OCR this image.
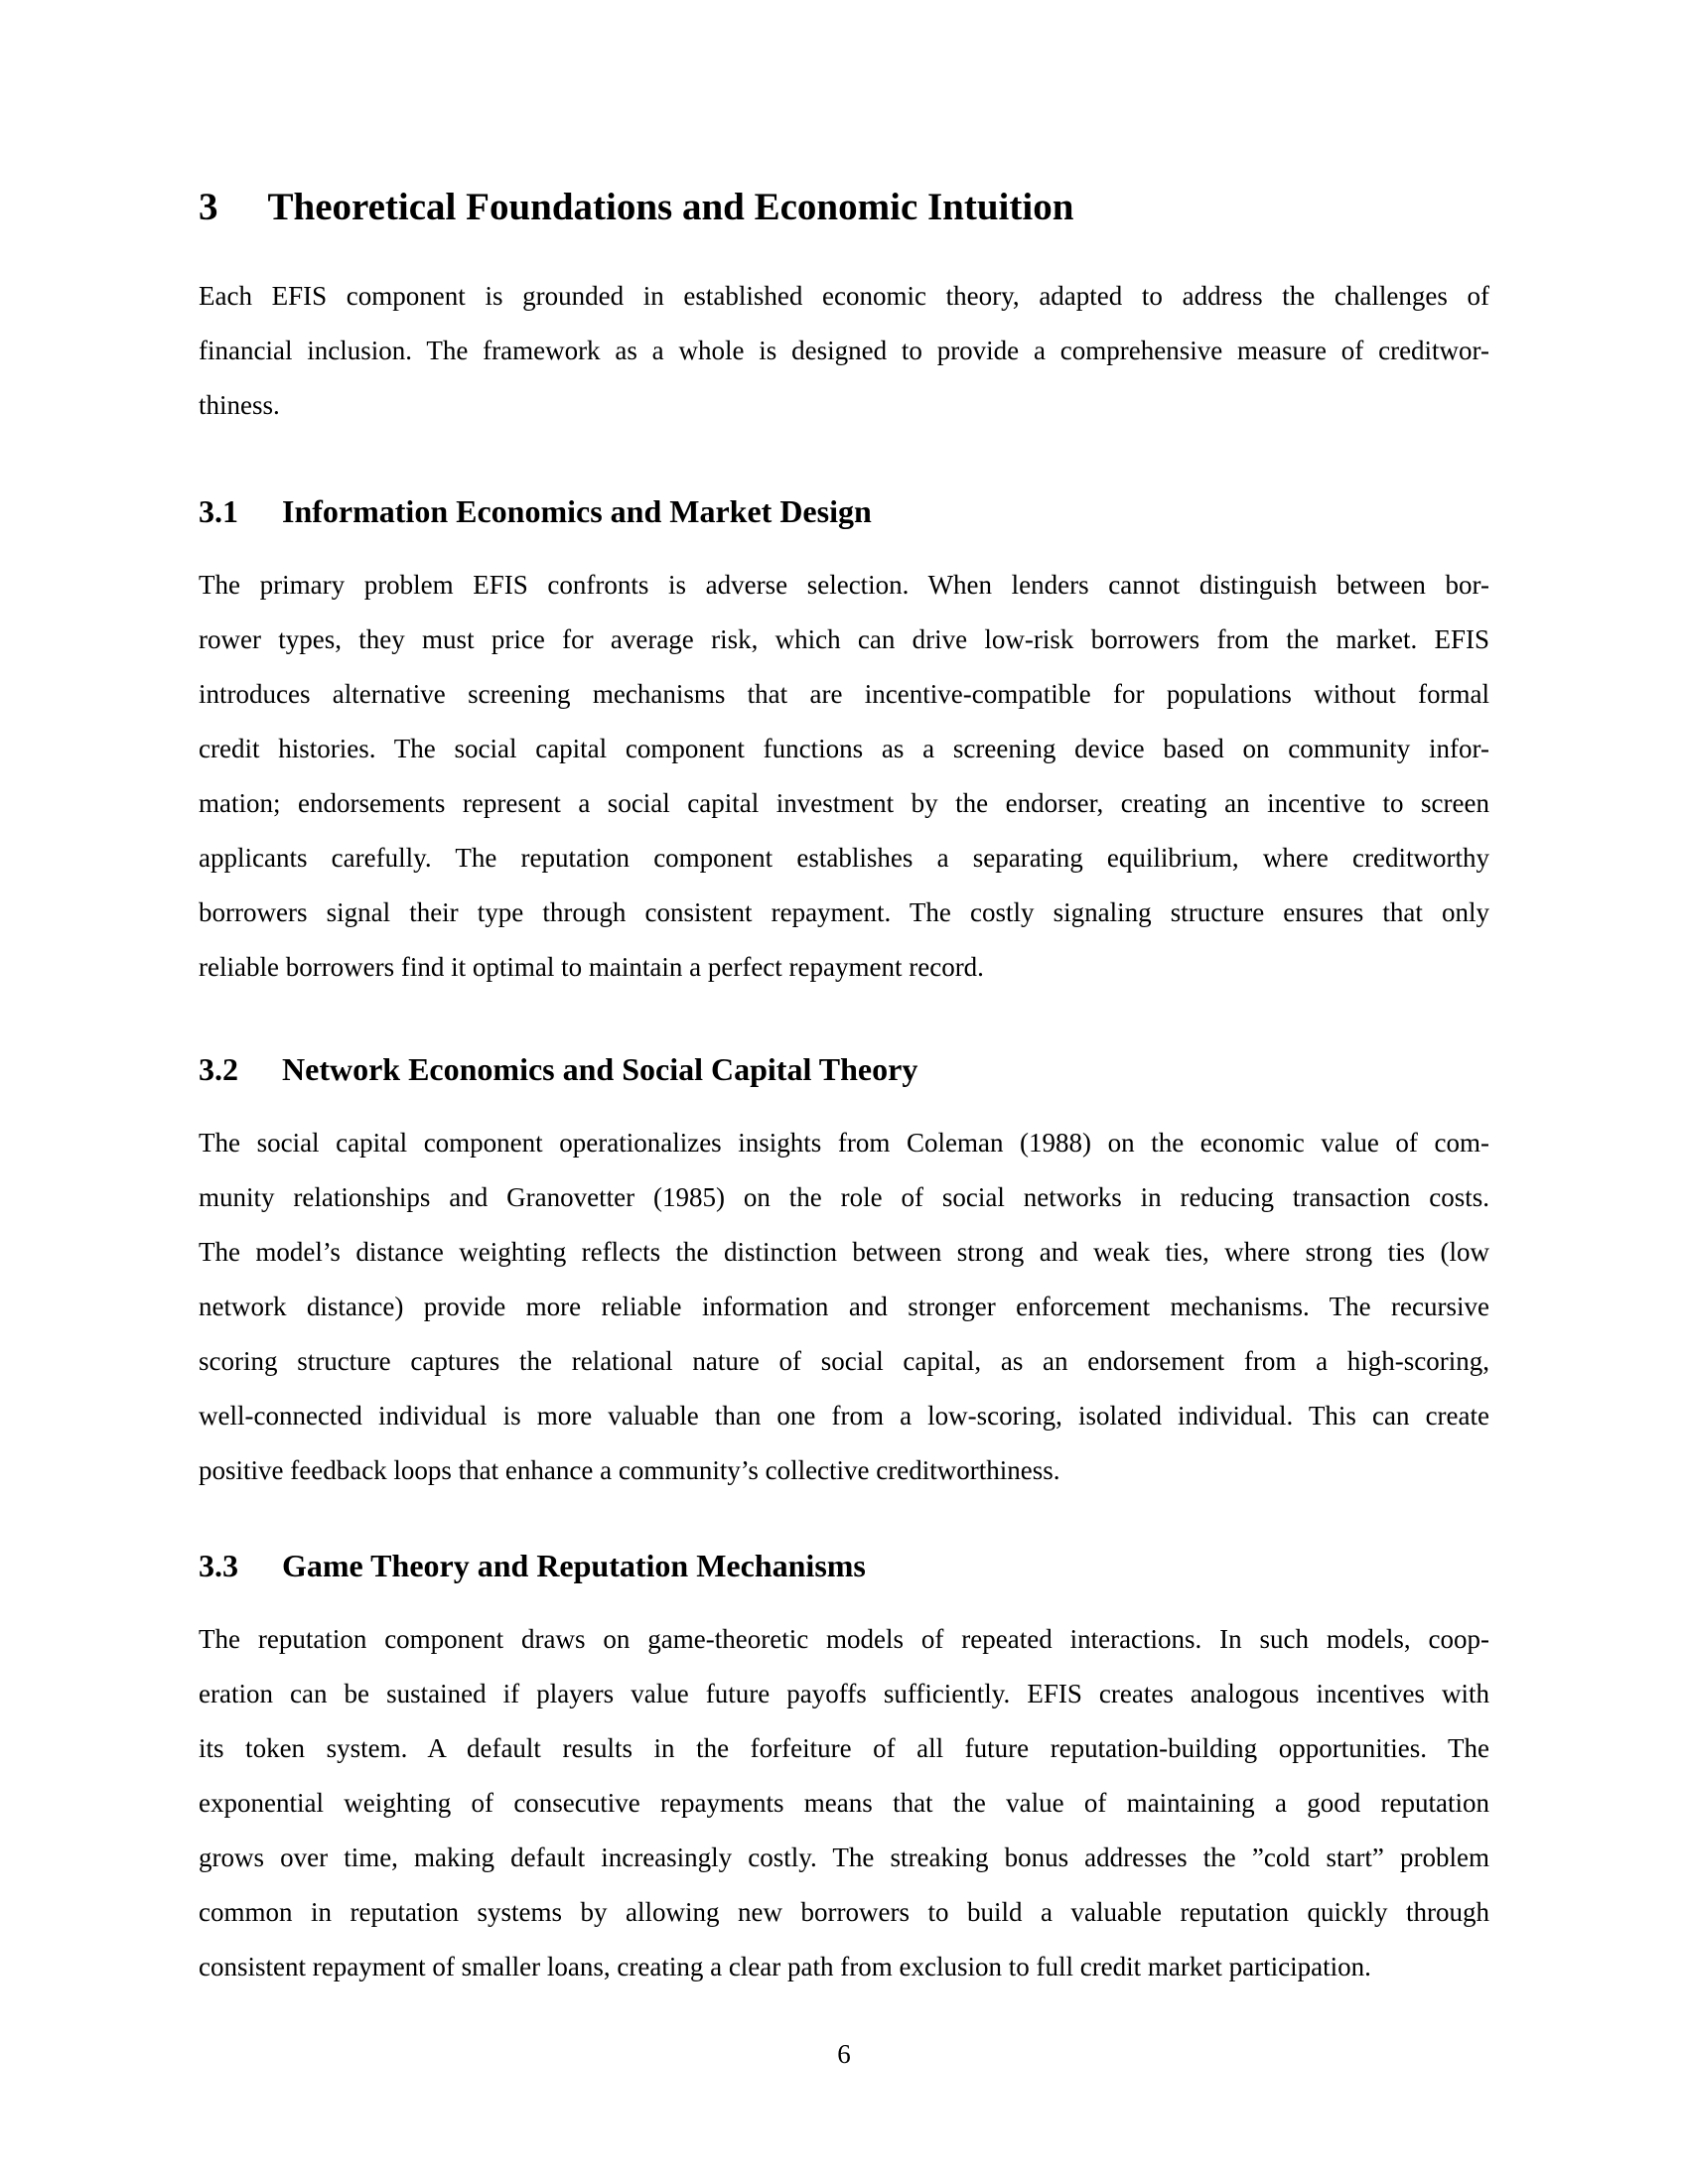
3 Theoretical Foundations and Economic Intuition
Each EFIS component is grounded in established economic theory, adapted to address the challenges of
financial inclusion. The framework as a whole is designed to provide a comprehensive measure of creditwor-
thiness.
3.1 Information Economics and Market Design
The primary problem EFIS confronts is adverse selection. When lenders cannot distinguish between bor-
rower types, they must price for average risk, which can drive low-risk borrowers from the market. EFIS
introduces alternative screening mechanisms that are incentive-compatible for populations without formal
credit histories. The social capital component functions as a screening device based on community infor-
mation; endorsements represent a social capital investment by the endorser, creating an incentive to screen
applicants carefully. The reputation component establishes a separating equilibrium, where creditworthy
borrowers signal their type through consistent repayment. The costly signaling structure ensures that only
reliable borrowers find it optimal to maintain a perfect repayment record.
3.2 Network Economics and Social Capital Theory
The social capital component operationalizes insights from Coleman (1988) on the economic value of com-
munity relationships and Granovetter (1985) on the role of social networks in reducing transaction costs.
The model’s distance weighting reflects the distinction between strong and weak ties, where strong ties (low
network distance) provide more reliable information and stronger enforcement mechanisms. The recursive
scoring structure captures the relational nature of social capital, as an endorsement from a high-scoring,
well-connected individual is more valuable than one from a low-scoring, isolated individual. This can create
positive feedback loops that enhance a community’s collective creditworthiness.
3.3 Game Theory and Reputation Mechanisms
The reputation component draws on game-theoretic models of repeated interactions. In such models, coop-
eration can be sustained if players value future payoffs sufficiently. EFIS creates analogous incentives with
its token system. A default results in the forfeiture of all future reputation-building opportunities. The
exponential weighting of consecutive repayments means that the value of maintaining a good reputation
grows over time, making default increasingly costly. The streaking bonus addresses the ”cold start” problem
common in reputation systems by allowing new borrowers to build a valuable reputation quickly through
consistent repayment of smaller loans, creating a clear path from exclusion to full credit market participation.
6
